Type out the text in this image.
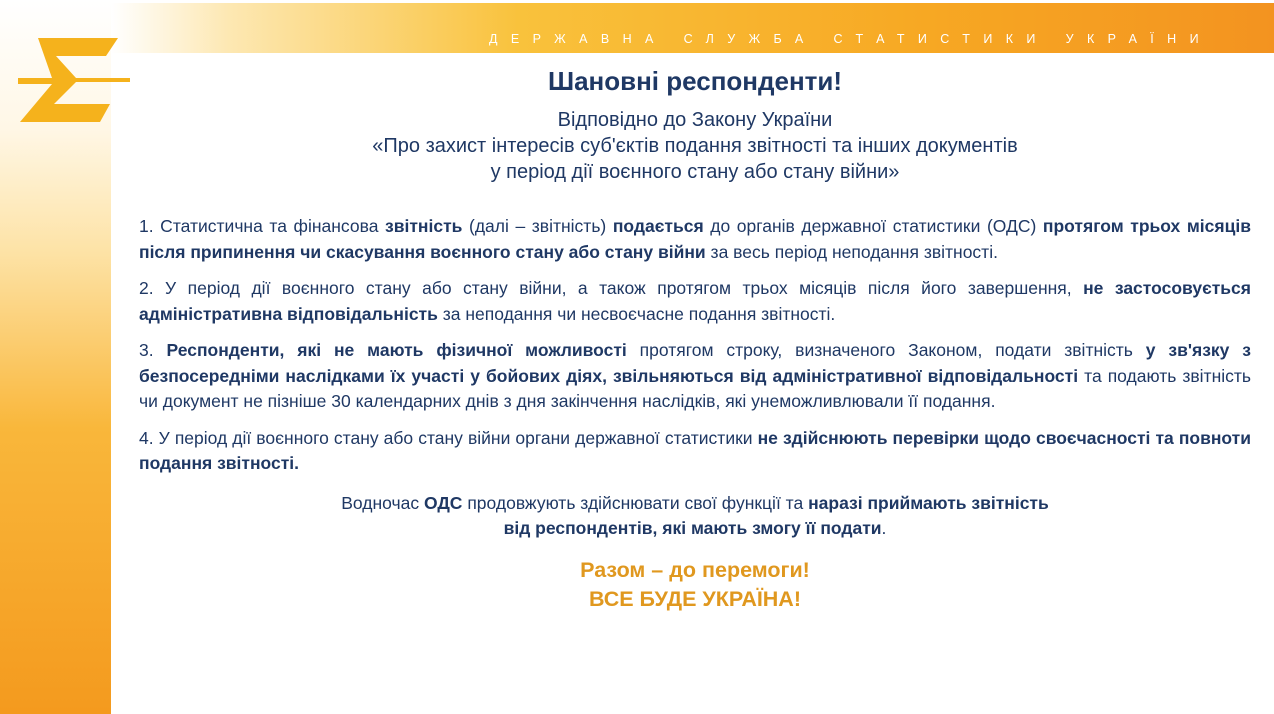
ДЕРЖАВНА СЛУЖБА СТАТИСТИКИ УКРАЇНИ
Шановні респонденти!
Відповідно до Закону України
«Про захист інтересів суб'єктів подання звітності та інших документів
у період дії воєнного стану або стану війни»

1. Статистична та фінансова звітність (далі – звітність) подається до органів державної статистики (ОДС) протягом трьох місяців після припинення чи скасування воєнного стану або стану війни за весь період неподання звітності.

2. У період дії воєнного стану або стану війни, а також протягом трьох місяців після його завершення, не застосовується адміністративна відповідальність за неподання чи несвоєчасне подання звітності.

3. Респонденти, які не мають фізичної можливості протягом строку, визначеного Законом, подати звітність у зв'язку з безпосередніми наслідками їх участі у бойових діях, звільняються від адміністративної відповідальності та подають звітність чи документ не пізніше 30 календарних днів з дня закінчення наслідків, які унеможливлювали її подання.

4. У період дії воєнного стану або стану війни органи державної статистики не здійснюють перевірки щодо своєчасності та повноти подання звітності.

Водночас ОДС продовжують здійснювати свої функції та наразі приймають звітність
від респондентів, які мають змогу її подати.
Разом – до перемоги!
ВСЕ БУДЕ УКРАЇНА!
